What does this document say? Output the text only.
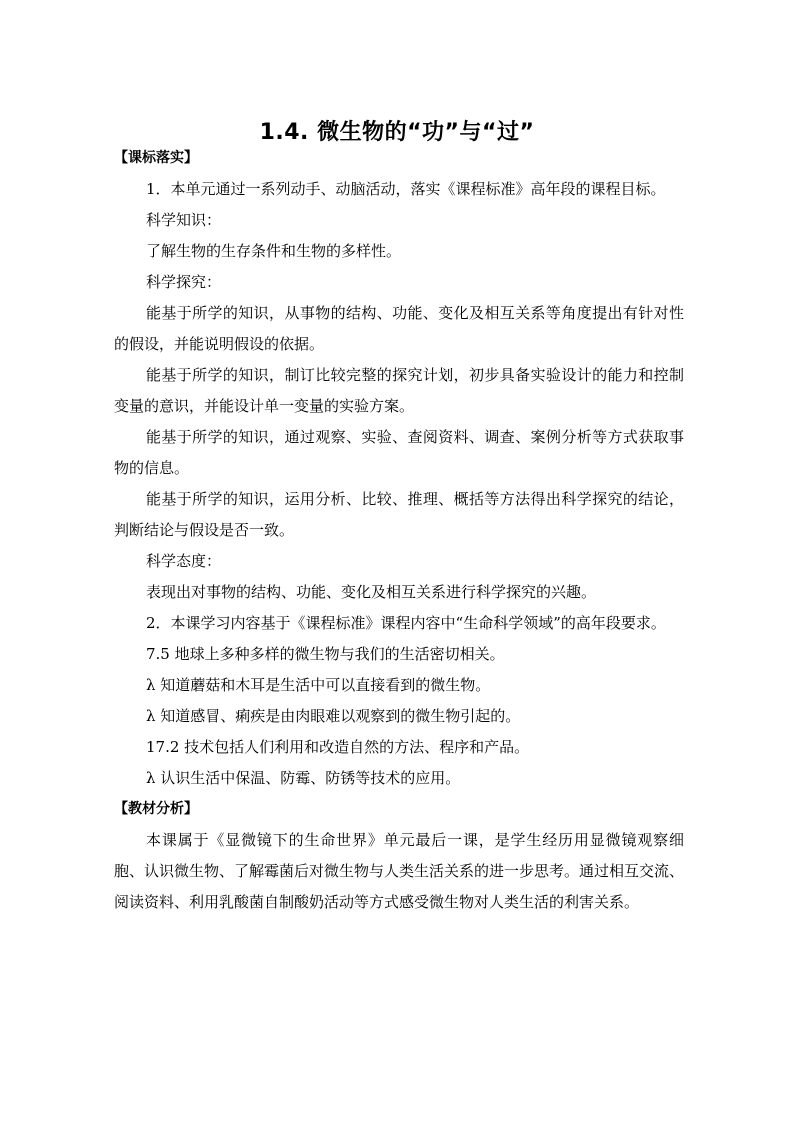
1.4. 微生物的“功”与“过”

【课标落实】

1．本单元通过一系列动手、动脑活动，落实《课程标准》高年段的课程目标。

科学知识：

了解生物的生存条件和生物的多样性。

科学探究：

能基于所学的知识，从事物的结构、功能、变化及相互关系等角度提出有针对性的假设，并能说明假设的依据。

能基于所学的知识，制订比较完整的探究计划，初步具备实验设计的能力和控制变量的意识，并能设计单一变量的实验方案。

能基于所学的知识，通过观察、实验、查阅资料、调查、案例分析等方式获取事物的信息。

能基于所学的知识，运用分析、比较、推理、概括等方法得出科学探究的结论，判断结论与假设是否一致。

科学态度：

表现出对事物的结构、功能、变化及相互关系进行科学探究的兴趣。

2．本课学习内容基于《课程标准》课程内容中“生命科学领域”的高年段要求。

7.5 地球上多种多样的微生物与我们的生活密切相关。

λ 知道蘑菇和木耳是生活中可以直接看到的微生物。

λ 知道感冒、痢疾是由肉眼难以观察到的微生物引起的。

17.2 技术包括人们利用和改造自然的方法、程序和产品。

λ 认识生活中保温、防霉、防锈等技术的应用。

【教材分析】

本课属于《显微镜下的生命世界》单元最后一课，是学生经历用显微镜观察细胞、认识微生物、了解霉菌后对微生物与人类生活关系的进一步思考。通过相互交流、阅读资料、利用乳酸菌自制酸奶活动等方式感受微生物对人类生活的利害关系。
